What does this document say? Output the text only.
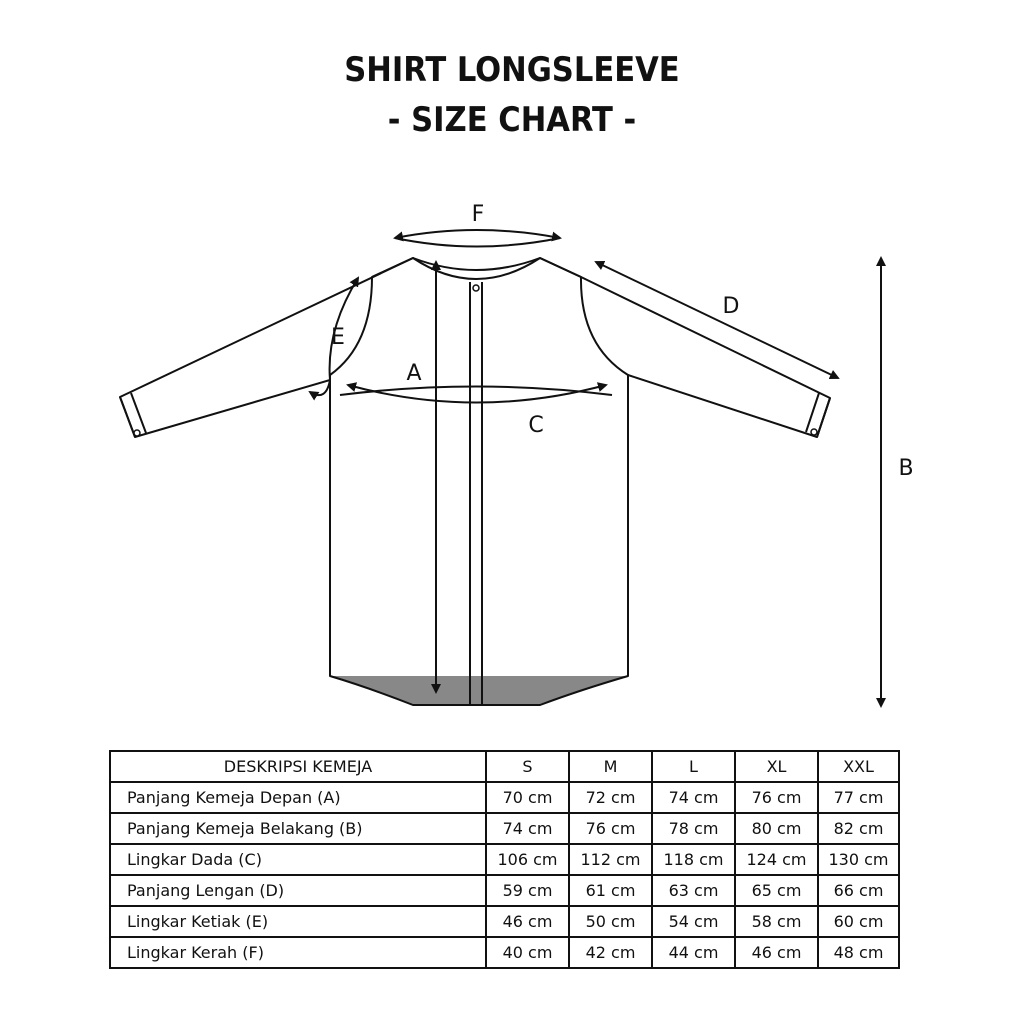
SHIRT LONGSLEEVE
- SIZE CHART -
F
A
B
C
D
E
DESKRIPSI KEMEJA	S	M	L	XL	XXL
Panjang Kemeja Depan (A)	70 cm	72 cm	74 cm	76 cm	77 cm
Panjang Kemeja Belakang (B)	74 cm	76 cm	78 cm	80 cm	82 cm
Lingkar Dada (C)	106 cm	112 cm	118 cm	124 cm	130 cm
Panjang Lengan (D)	59 cm	61 cm	63 cm	65 cm	66 cm
Lingkar Ketiak (E)	46 cm	50 cm	54 cm	58 cm	60 cm
Lingkar Kerah (F)	40 cm	42 cm	44 cm	46 cm	48 cm
